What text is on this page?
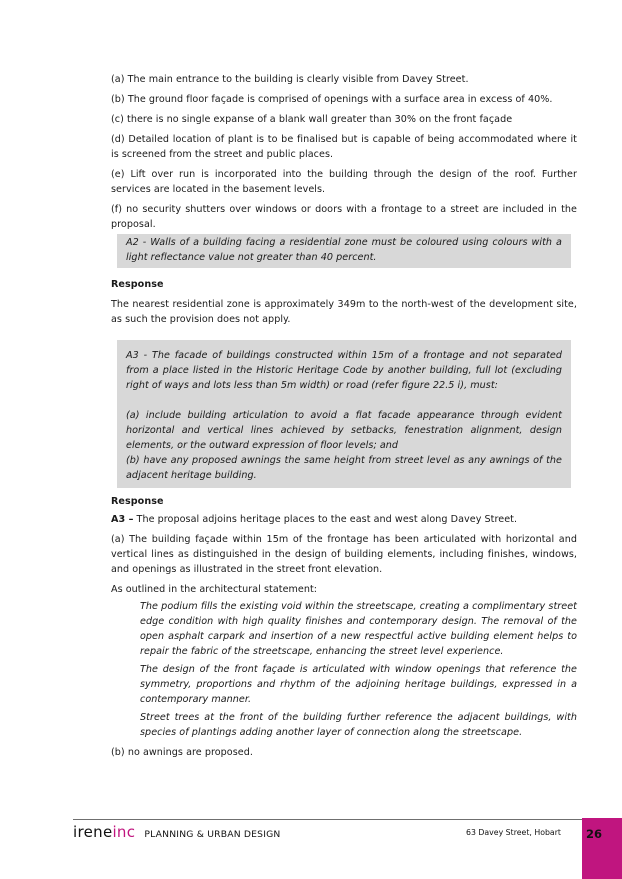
(a) The main entrance to the building is clearly visible from Davey Street.

(b) The ground floor façade is comprised of openings with a surface area in excess of 40%.

(c) there is no single expanse of a blank wall greater than 30% on the front façade

(d) Detailed location of plant is to be finalised but is capable of being accommodated where it is screened from the street and public places.

(e) Lift over run is incorporated into the building through the design of the roof. Further services are located in the basement levels.

(f) no security shutters over windows or doors with a frontage to a street are included in the proposal.

A2 - Walls of a building facing a residential zone must be coloured using colours with a light reflectance value not greater than 40 percent.

Response

The nearest residential zone is approximately 349m to the north-west of the development site, as such the provision does not apply.

A3 - The facade of buildings constructed within 15m of a frontage and not separated from a place listed in the Historic Heritage Code by another building, full lot (excluding right of ways and lots less than 5m width) or road (refer figure 22.5 i), must:

(a) include building articulation to avoid a flat facade appearance through evident horizontal and vertical lines achieved by setbacks, fenestration alignment, design elements, or the outward expression of floor levels; and

(b) have any proposed awnings the same height from street level as any awnings of the adjacent heritage building.

Response

A3 – The proposal adjoins heritage places to the east and west along Davey Street.

(a) The building façade within 15m of the frontage has been articulated with horizontal and vertical lines as distinguished in the design of building elements, including finishes, windows, and openings as illustrated in the street front elevation.

As outlined in the architectural statement:

The podium fills the existing void within the streetscape, creating a complimentary street edge condition with high quality finishes and contemporary design. The removal of the open asphalt carpark and insertion of a new respectful active building element helps to repair the fabric of the streetscape, enhancing the street level experience.

The design of the front façade is articulated with window openings that reference the symmetry, proportions and rhythm of the adjoining heritage buildings, expressed in a contemporary manner.

Street trees at the front of the building further reference the adjacent buildings, with species of plantings adding another layer of connection along the streetscape.

(b) no awnings are proposed.

ireneinc PLANNING & URBAN DESIGN	63 Davey Street, Hobart	26
